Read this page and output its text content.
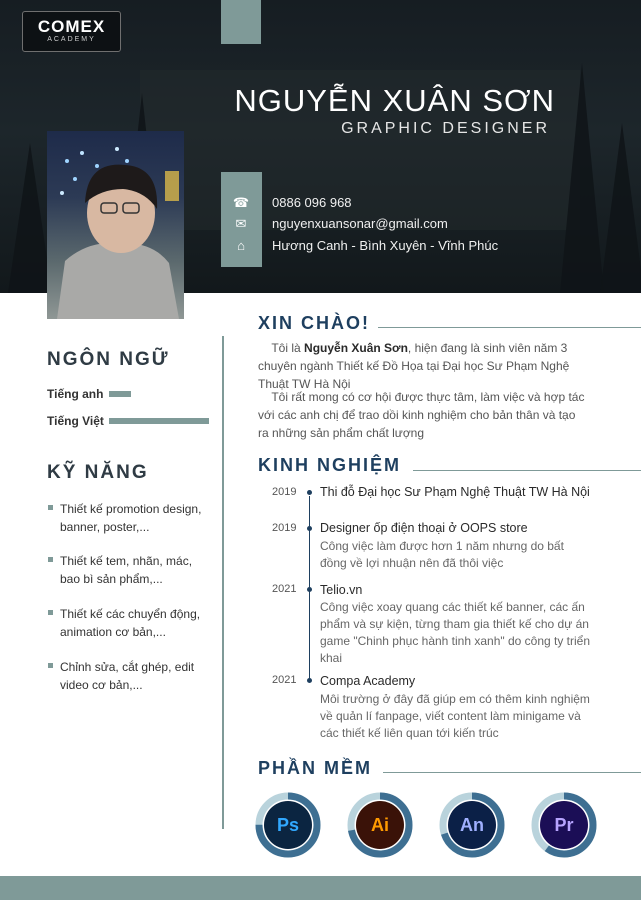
COMEX
ACADEMY
NGUYỄN XUÂN SƠN
GRAPHIC DESIGNER
☎
✉
⌂
0886 096 968
nguyenxuansonar@gmail.com
Hương Canh - Bình Xuyên - Vĩnh Phúc
NGÔN NGỮ
Tiếng anh
Tiếng Việt
KỸ NĂNG
Thiết kế promotion design, banner, poster,...
Thiết kế tem, nhãn, mác, bao bì sản phẩm,...
Thiết kế các chuyển động, animation cơ bản,...
Chỉnh sửa, cắt ghép, edit video cơ bản,...
XIN CHÀO!
Tôi là Nguyễn Xuân Sơn, hiện đang là sinh viên năm 3 chuyên ngành Thiết kế Đồ Họa tại Đại học Sư Phạm Nghệ Thuật TW Hà Nội
Tôi rất mong có cơ hội được thực tâm, làm việc và hợp tác với các anh chị để trao dồi kinh nghiệm cho bản thân và tạo ra những sản phẩm chất lượng
KINH NGHIỆM
2019 Thi đỗ Đại học Sư Phạm Nghệ Thuật TW Hà Nội
2019 Designer ốp điện thoại ở OOPS store
Công việc làm được hơn 1 năm nhưng do bất đồng về lợi nhuận nên đã thôi việc
2021 Telio.vn
Công việc xoay quang các thiết kế banner, các ấn phẩm và sự kiện, từng tham gia thiết kế cho dự án game "Chinh phục hành tinh xanh" do công ty triển khai
2021 Compa Academy
Môi trường ở đây đã giúp em có thêm kinh nghiệm về quản lí fanpage, viết content làm minigame và các thiết kế liên quan tới kiến trúc
PHẦN MỀM
Ps	Ai	An	Pr
